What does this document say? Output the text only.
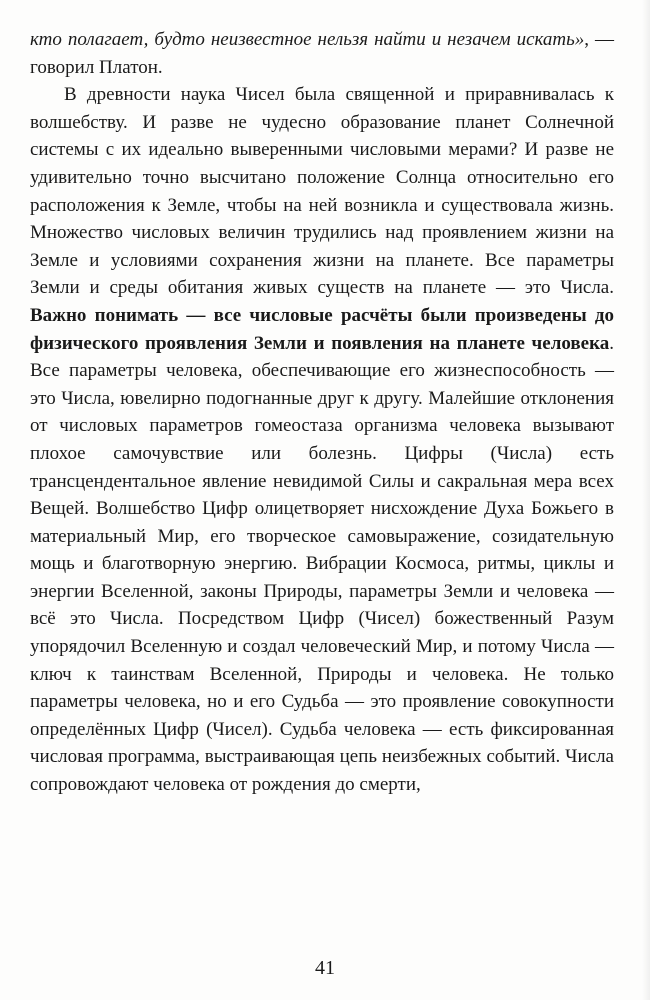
кто полагает, будто неизвестное нельзя найти и незачем искать», — говорил Платон.

В древности наука Чисел была священной и приравнивалась к волшебству. И разве не чудесно образование планет Солнечной системы с их идеально выверенными числовыми мерами? И разве не удивительно точно высчитано положение Солнца относительно его расположения к Земле, чтобы на ней возникла и существовала жизнь. Множество числовых величин трудились над проявлением жизни на Земле и условиями сохранения жизни на планете. Все параметры Земли и среды обитания живых существ на планете — это Числа. Важно понимать — все числовые расчёты были произведены до физического проявления Земли и появления на планете человека. Все параметры человека, обеспечивающие его жизнеспособность — это Числа, ювелирно подогнанные друг к другу. Малейшие отклонения от числовых параметров гомеостаза организма человека вызывают плохое самочувствие или болезнь. Цифры (Числа) есть трансцендентальное явление невидимой Силы и сакральная мера всех Вещей. Волшебство Цифр олицетворяет нисхождение Духа Божьего в материальный Мир, его творческое самовыражение, созидательную мощь и благотворную энергию. Вибрации Космоса, ритмы, циклы и энергии Вселенной, законы Природы, параметры Земли и человека — всё это Числа. Посредством Цифр (Чисел) божественный Разум упорядочил Вселенную и создал человеческий Мир, и потому Числа — ключ к таинствам Вселенной, Природы и человека. Не только параметры человека, но и его Судьба — это проявление совокупности определённых Цифр (Чисел). Судьба человека — есть фиксированная числовая программа, выстраивающая цепь неизбежных событий. Числа сопровождают человека от рождения до смерти,

41
